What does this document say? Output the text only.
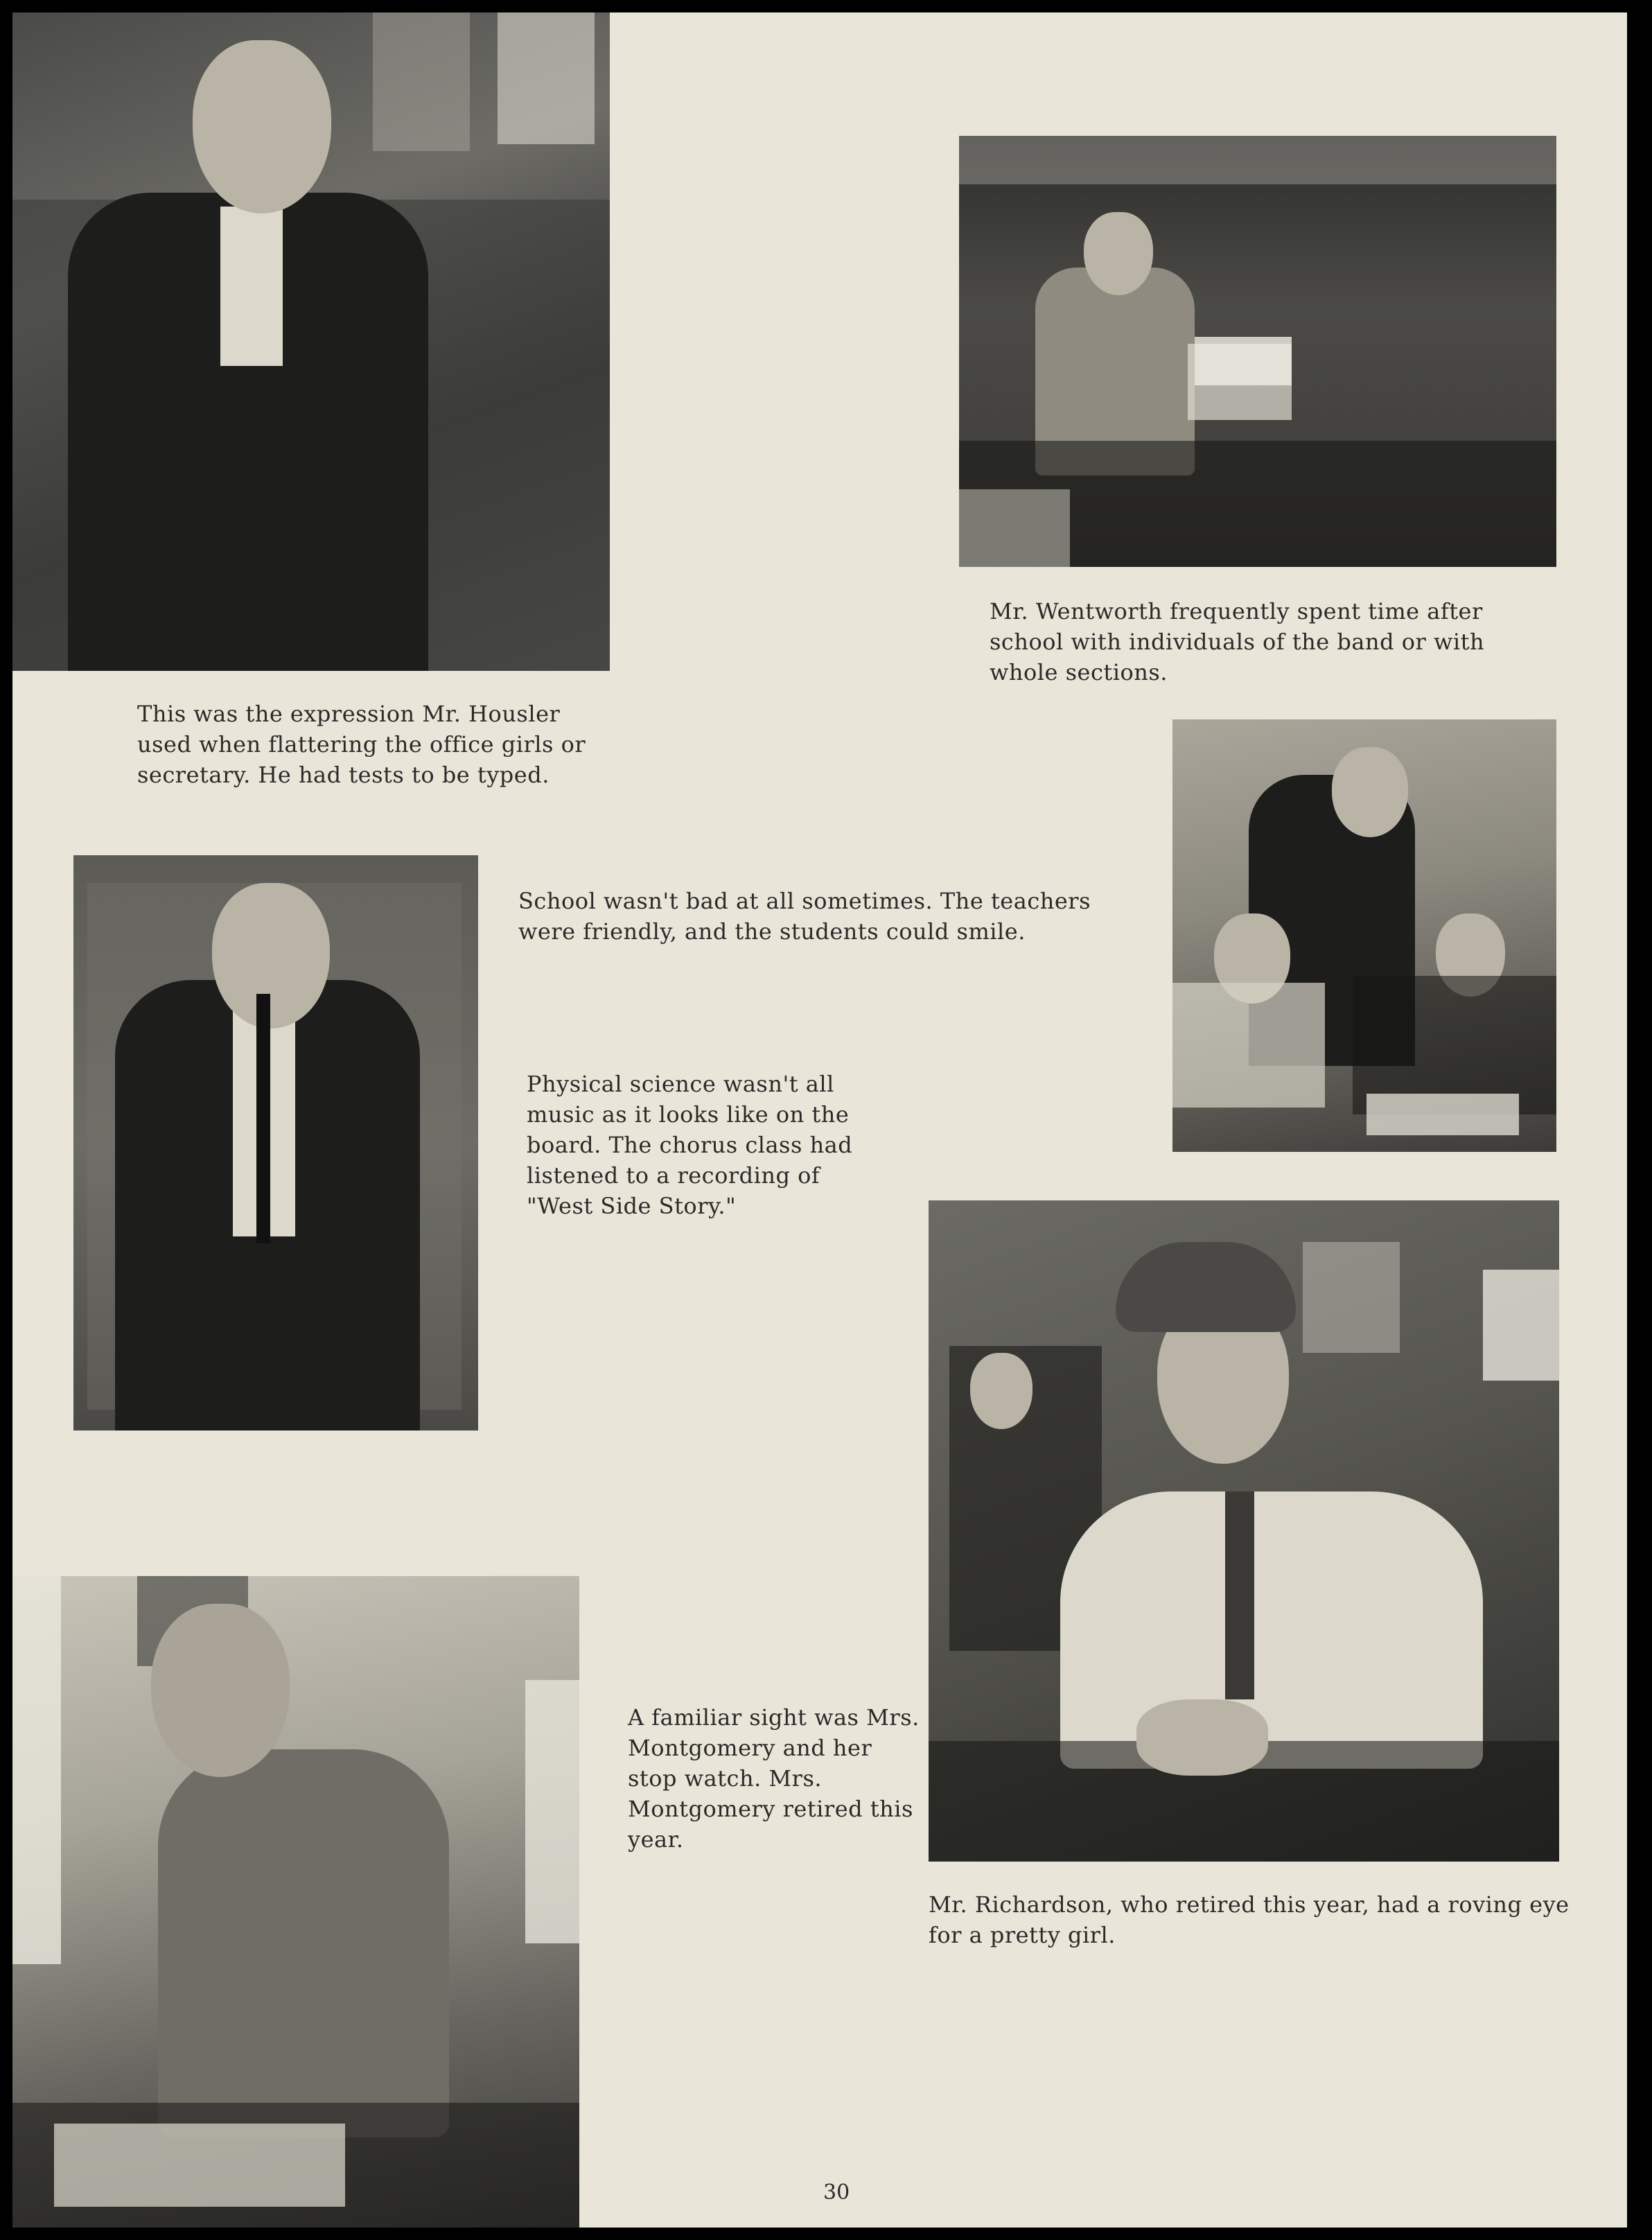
This was the expression Mr. Housler used when flattering the office girls or secretary. He had tests to be typed.

Mr. Wentworth frequently spent time after school with individuals of the band or with whole sections.

School wasn't bad at all sometimes. The teachers were friendly, and the students could smile.

Physical science wasn't all music as it looks like on the board. The chorus class had listened to a recording of "West Side Story."

Mr. Richardson, who retired this year, had a roving eye for a pretty girl.

A familiar sight was Mrs. Montgomery and her stop watch. Mrs. Montgomery retired this year.

30
